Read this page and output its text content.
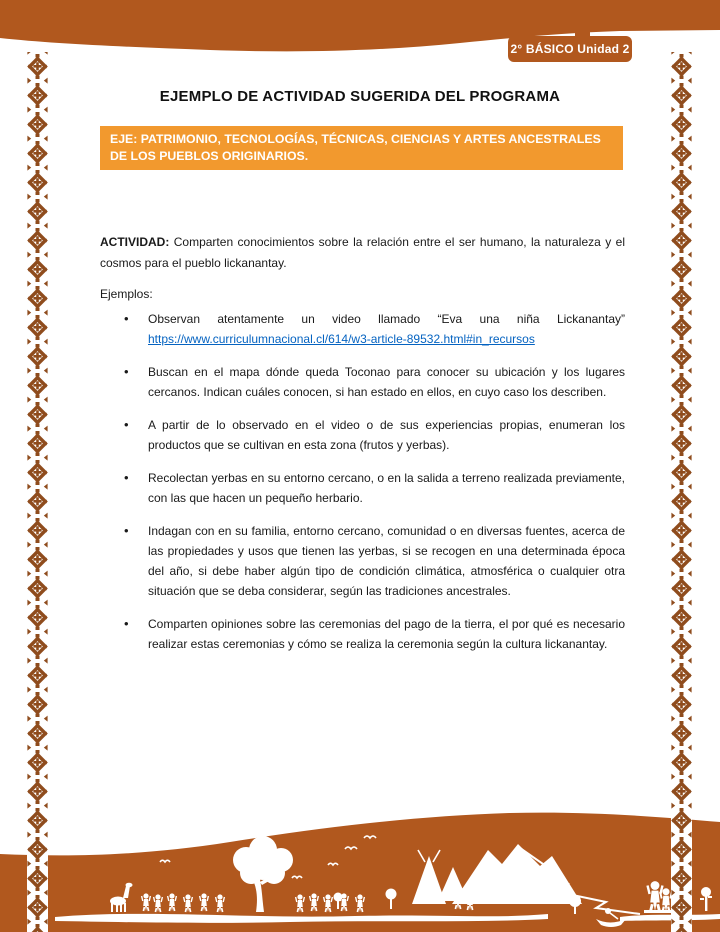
2° BÁSICO Unidad 2
EJEMPLO DE ACTIVIDAD SUGERIDA DEL PROGRAMA
EJE: PATRIMONIO, TECNOLOGÍAS, TÉCNICAS, CIENCIAS Y ARTES ANCESTRALES DE LOS PUEBLOS ORIGINARIOS.

ACTIVIDAD: Comparten conocimientos sobre la relación entre el ser humano, la naturaleza y el cosmos para el pueblo lickanantay.

Ejemplos:

• Observan atentamente un video llamado “Eva una niña Lickanantay” https://www.curriculumnacional.cl/614/w3-article-89532.html#in_recursos
• Buscan en el mapa dónde queda Toconao para conocer su ubicación y los lugares cercanos. Indican cuáles conocen, si han estado en ellos, en cuyo caso los describen.
• A partir de lo observado en el video o de sus experiencias propias, enumeran los productos que se cultivan en esta zona (frutos y yerbas).
• Recolectan yerbas en su entorno cercano, o en la salida a terreno realizada previamente, con las que hacen un pequeño herbario.
• Indagan con en su familia, entorno cercano, comunidad o en diversas fuentes, acerca de las propiedades y usos que tienen las yerbas, si se recogen en una determinada época del año, si debe haber algún tipo de condición climática, atmosférica o cualquier otra situación que se deba considerar, según las tradiciones ancestrales.
• Comparten opiniones sobre las ceremonias del pago de la tierra, el por qué es necesario realizar estas ceremonias y cómo se realiza la ceremonia según la cultura lickanantay.
